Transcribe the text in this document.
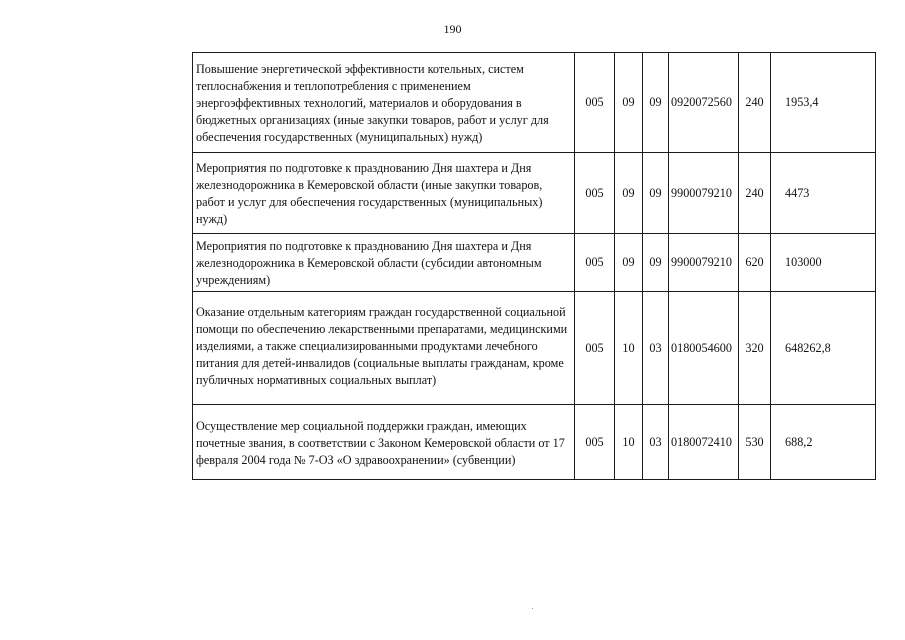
190
Повышение энергетической эффективности котельных, систем теплоснабжения и теплопотребления с применением энергоэффективных технологий, материалов и оборудования в бюджетных организациях (иные закупки товаров, работ и услуг для обеспечения государственных (муниципальных) нужд)	005	09	09	0920072560	240	1953,4
Мероприятия по подготовке к празднованию Дня шахтера и Дня железнодорожника в Кемеровской области (иные закупки товаров, работ и услуг для обеспечения государственных (муниципальных) нужд)	005	09	09	9900079210	240	4473
Мероприятия по подготовке к празднованию Дня шахтера и Дня железнодорожника в Кемеровской области (субсидии автономным учреждениям)	005	09	09	9900079210	620	103000
Оказание отдельным категориям граждан государственной социальной помощи по обеспечению лекарственными препаратами, медицинскими изделиями, а также специализированными продуктами лечебного питания для детей-инвалидов (социальные выплаты гражданам, кроме публичных нормативных социальных выплат)	005	10	03	0180054600	320	648262,8
Осуществление мер социальной поддержки граждан, имеющих почетные звания, в соответствии с Законом Кемеровской области от 17 февраля 2004 года № 7-ОЗ «О здравоохранении» (субвенции)	005	10	03	0180072410	530	688,2
